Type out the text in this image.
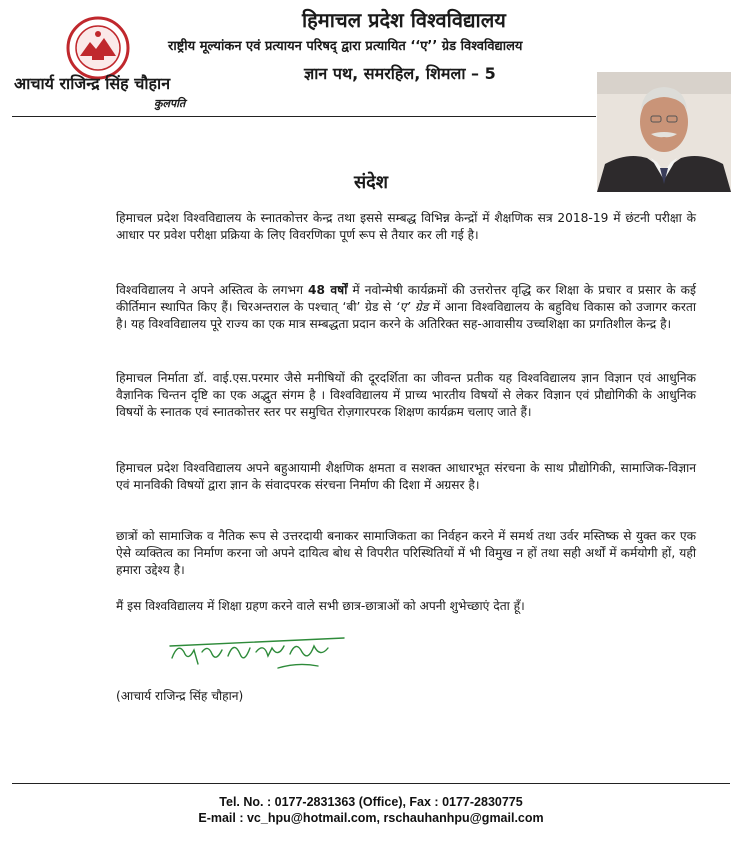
आचार्य राजिन्द्र सिंह चौहान
कुलपति
हिमाचल प्रदेश विश्वविद्यालय
राष्ट्रीय मूल्यांकन एवं प्रत्यायन परिषद् द्वारा प्रत्यायित ‘‘ए’’ ग्रेड विश्वविद्यालय
ज्ञान पथ, समरहिल, शिमला – 5
संदेश
हिमाचल प्रदेश विश्वविद्यालय के स्नातकोत्तर केन्द्र तथा इससे सम्बद्ध विभिन्न केन्द्रों में शैक्षणिक सत्र 2018-19 में छंटनी परीक्षा के आधार पर प्रवेश परीक्षा प्रक्रिया के लिए विवरणिका पूर्ण रूप से तैयार कर ली गई है।
विश्वविद्यालय ने अपने अस्तित्व के लगभग 48 वर्षों में नवोन्मेषी कार्यक्रमों की उत्तरोत्तर वृद्धि कर शिक्षा के प्रचार व प्रसार के कई कीर्तिमान स्थापित किए हैं। चिरअन्तराल के पश्चात् ‘बी’ ग्रेड से ‘ए’ ग्रेड में आना विश्वविद्यालय के बहुविध विकास को उजागर करता है। यह विश्वविद्यालय पूरे राज्य का एक मात्र सम्बद्धता प्रदान करने के अतिरिक्त सह-आवासीय उच्चशिक्षा का प्रगतिशील केन्द्र है।
हिमाचल निर्माता डॉ. वाई.एस.परमार जैसे मनीषियों की दूरदर्शिता का जीवन्त प्रतीक यह विश्वविद्यालय ज्ञान विज्ञान एवं आधुनिक वैज्ञानिक चिन्तन दृष्टि का एक अद्भुत संगम है । विश्वविद्यालय में प्राच्य भारतीय विषयों से लेकर विज्ञान एवं प्रौद्योगिकी के आधुनिक विषयों के स्नातक एवं स्नातकोत्तर स्तर पर समुचित रोज़गारपरक शिक्षण कार्यक्रम चलाए जाते हैं।
हिमाचल प्रदेश विश्वविद्यालय अपने बहुआयामी शैक्षणिक क्षमता व सशक्त आधारभूत संरचना के साथ प्रौद्योगिकी, सामाजिक-विज्ञान एवं मानविकी विषयों द्वारा ज्ञान के संवादपरक संरचना निर्माण की दिशा में अग्रसर है।
छात्रों को सामाजिक व नैतिक रूप से उत्तरदायी बनाकर सामाजिकता का निर्वहन करने में समर्थ तथा उर्वर मस्तिष्क से युक्त कर एक ऐसे व्यक्तित्व का निर्माण करना जो अपने दायित्व बोध से विपरीत परिस्थितियों में भी विमुख न हों तथा सही अर्थों में कर्मयोगी हों, यही हमारा उद्देश्य है।
मैं इस विश्वविद्यालय में शिक्षा ग्रहण करने वाले सभी छात्र-छात्राओं को अपनी शुभेच्छाएं देता हूँ।
(आचार्य राजिन्द्र सिंह चौहान)
Tel. No. : 0177-2831363 (Office), Fax : 0177-2830775
E-mail : vc_hpu@hotmail.com, rschauhanhpu@gmail.com
